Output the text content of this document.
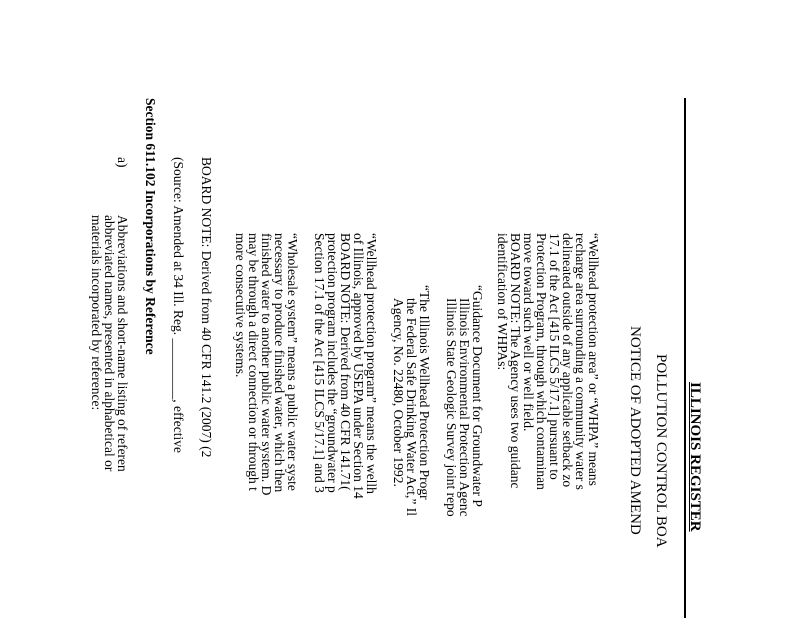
ILLINOIS REGISTER
POLLUTION CONTROL BOA
NOTICE OF ADOPTED AMEND
“Wellhead protection area” or “WHPA” means
recharge area surrounding a community water s
delineated outside of any applicable setback zo
17.1 of the Act [415 ILCS 5/17.1] pursuant to
Protection Program, through which contaminan
move toward such well or well field.
BOARD NOTE: The Agency uses two guidanc
identification of WHPAs:
“Guidance Document for Groundwater P
Illinois Environmental Protection Agenc
Illinois State Geologic Survey joint repo
“The Illinois Wellhead Protection Progr
the Federal Safe Drinking Water Act,” Il
Agency, No. 22480, October 1992.
“Wellhead protection program” means the wellh
of Illinois, approved by USEPA under Section 14
BOARD NOTE: Derived from 40 CFR 141.71(
protection program includes the “groundwater p
Section 17.1 of the Act [415 ILCS 5/17.1] and 3
“Wholesale system” means a public water syste
necessary to produce finished water, which then
finished water to another public water system. D
may be through a direct connection or through t
more consecutive systems.
BOARD NOTE: Derived from 40 CFR 141.2 (2007) (2
(Source: Amended at 34 Ill. Reg. _________, effective
Section 611.102 Incorporations by Reference
a)
Abbreviations and short-name listing of referen
abbreviated names, presented in alphabetical or
materials incorporated by reference:
